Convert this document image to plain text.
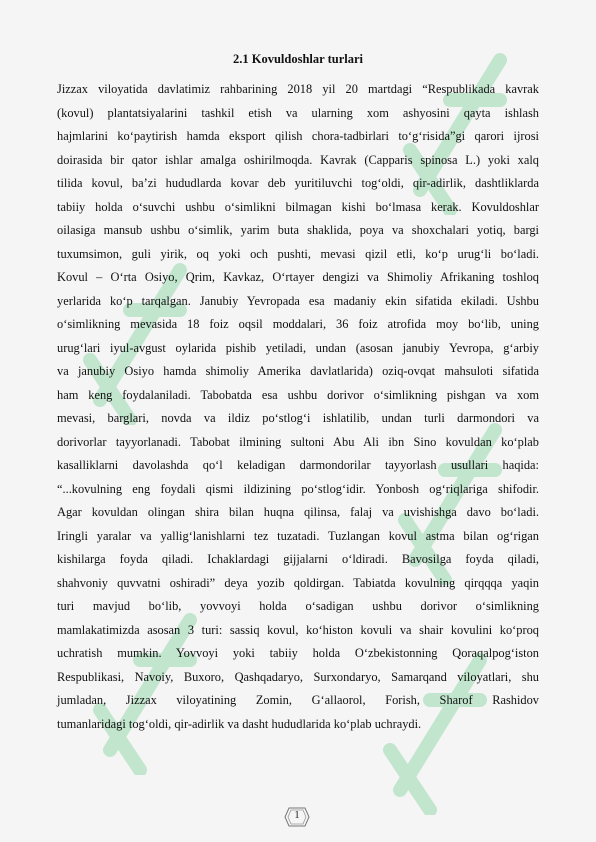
2.1 Kovuldoshlar turlari
Jizzax viloyatida davlatimiz rahbarining 2018 yil 20 martdagi “Respublikada kavrak
(kovul) plantatsiyalarini tashkil etish va ularning xom ashyosini qayta ishlash
hajmlarini koʻpaytirish hamda eksport qilish chora-tadbirlari toʻgʻrisida”gi qarori ijrosi
doirasida bir qator ishlar amalga oshirilmoqda. Kavrak (Capparis spinosa L.) yoki xalq
tilida kovul, baʼzi hududlarda kovar deb yuritiluvchi togʻoldi, qir-adirlik, dashtliklarda
tabiiy holda oʻsuvchi ushbu oʻsimlikni bilmagan kishi boʻlmasa kerak. Kovuldoshlar
oilasiga mansub ushbu oʻsimlik, yarim buta shaklida, poya va shoxchalari yotiq, bargi
tuxumsimon, guli yirik, oq yoki och pushti, mevasi qizil etli, koʻp urugʻli boʻladi.
Kovul – Oʻrta Osiyo, Qrim, Kavkaz, Oʻrtayer dengizi va Shimoliy Afrikaning toshloq
yerlarida koʻp tarqalgan. Janubiy Yevropada esa madaniy ekin sifatida ekiladi. Ushbu
oʻsimlikning mevasida 18 foiz oqsil moddalari, 36 foiz atrofida moy boʻlib, uning
urugʻlari iyul-avgust oylarida pishib yetiladi, undan (asosan janubiy Yevropa, gʻarbiy
va janubiy Osiyo hamda shimoliy Amerika davlatlarida) oziq-ovqat mahsuloti sifatida
ham keng foydalaniladi. Tabobatda esa ushbu dorivor oʻsimlikning pishgan va xom
mevasi, barglari, novda va ildiz poʻstlogʻi ishlatilib, undan turli darmondori va
dorivorlar tayyorlanadi. Tabobat ilmining sultoni Abu Ali ibn Sino kovuldan koʻplab
kasalliklarni davolashda qoʻl keladigan darmondorilar tayyorlash usullari haqida:
“...kovulning eng foydali qismi ildizining poʻstlogʻidir. Yonbosh ogʻriqlariga shifodir.
Agar kovuldan olingan shira bilan huqna qilinsa, falaj va uvishishga davo boʻladi.
Iringli yaralar va yalligʻlanishlarni tez tuzatadi. Tuzlangan kovul astma bilan ogʻrigan
kishilarga foyda qiladi. Ichaklardagi gijjalarni oʻldiradi. Bavosilga foyda qiladi,
shahvoniy quvvatni oshiradi” deya yozib qoldirgan. Tabiatda kovulning qirqqqa yaqin
turi mavjud boʻlib, yovvoyi holda oʻsadigan ushbu dorivor oʻsimlikning
mamlakatimizda asosan 3 turi: sassiq kovul, koʻhiston kovuli va shair kovulini koʻproq
uchratish mumkin. Yovvoyi yoki tabiiy holda Oʻzbekistonning Qoraqalpogʻiston
Respublikasi, Navoiy, Buxoro, Qashqadaryo, Surxondaryo, Samarqand viloyatlari, shu
jumladan, Jizzax viloyatining Zomin, Gʻallaorol, Forish, Sharof Rashidov
tumanlaridagi togʻoldi, qir-adirlik va dasht hududlarida koʻplab uchraydi.
1
